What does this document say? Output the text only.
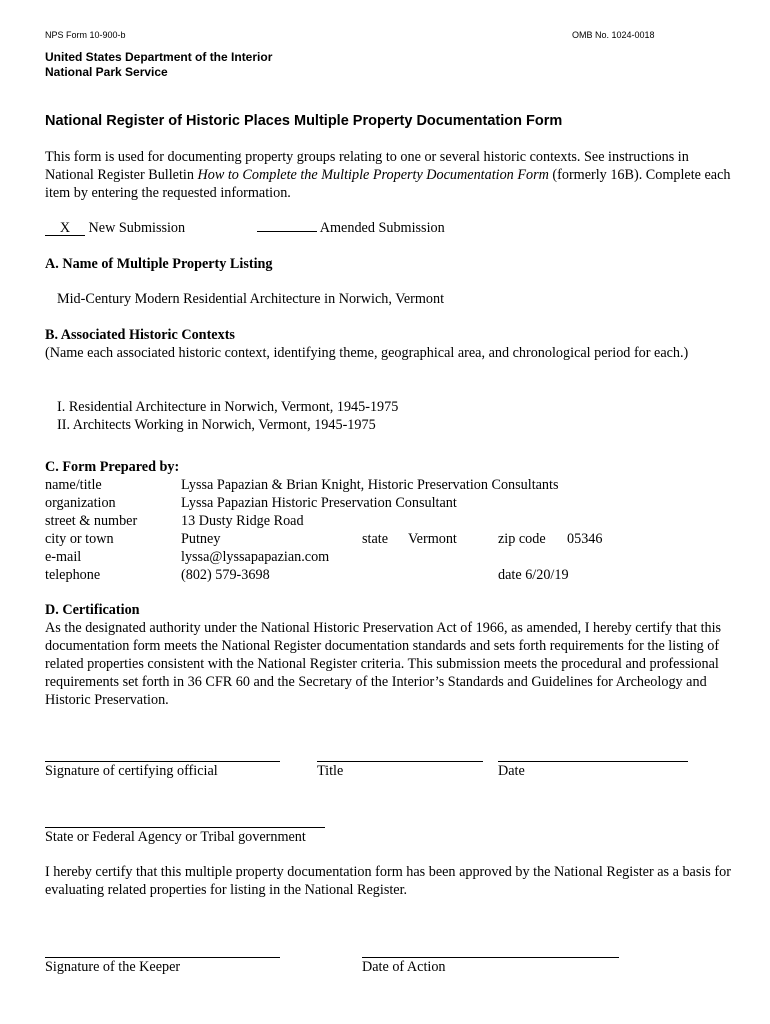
NPS Form 10-900-b	OMB No. 1024-0018
United States Department of the Interior
National Park Service
National Register of Historic Places Multiple Property Documentation Form
This form is used for documenting property groups relating to one or several historic contexts. See instructions in National Register Bulletin How to Complete the Multiple Property Documentation Form (formerly 16B). Complete each item by entering the requested information.
X New Submission	Amended Submission
A. Name of Multiple Property Listing
Mid-Century Modern Residential Architecture in Norwich, Vermont
B. Associated Historic Contexts
(Name each associated historic context, identifying theme, geographical area, and chronological period for each.)
I. Residential Architecture in Norwich, Vermont, 1945-1975
II. Architects Working in Norwich, Vermont, 1945-1975
C. Form Prepared by:
name/title	Lyssa Papazian & Brian Knight, Historic Preservation Consultants
organization	Lyssa Papazian Historic Preservation Consultant
street & number	13 Dusty Ridge Road
city or town	Putney	state Vermont	zip code 05346
e-mail	lyssa@lyssapapazian.com
telephone	(802) 579-3698	date 6/20/19
D. Certification
As the designated authority under the National Historic Preservation Act of 1966, as amended, I hereby certify that this documentation form meets the National Register documentation standards and sets forth requirements for the listing of related properties consistent with the National Register criteria. This submission meets the procedural and professional requirements set forth in 36 CFR 60 and the Secretary of the Interior’s Standards and Guidelines for Archeology and Historic Preservation.
Signature of certifying official	Title	Date
State or Federal Agency or Tribal government
I hereby certify that this multiple property documentation form has been approved by the National Register as a basis for evaluating related properties for listing in the National Register.
Signature of the Keeper	Date of Action
